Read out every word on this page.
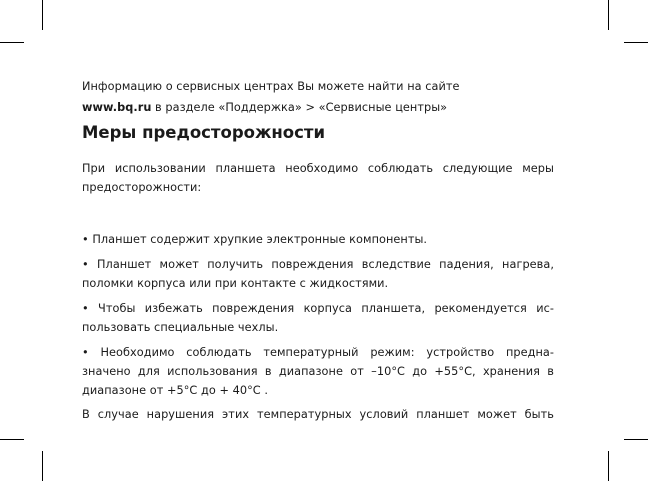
Информацию о сервисных центрах Вы можете найти на сайте
www.bq.ru в разделе «Поддержка» > «Сервисные центры»
Меры предосторожности
При использовании планшета необходимо соблюдать следующие меры
предосторожности:
• Планшет содержит хрупкие электронные компоненты.
• Планшет может получить повреждения вследствие падения, нагрева,
поломки корпуса или при контакте с жидкостями.
• Чтобы избежать повреждения корпуса планшета, рекомендуется ис-
пользовать специальные чехлы.
• Необходимо соблюдать температурный режим: устройство предна-
значено для использования в диапазоне от –10°С до +55°С, хранения в
диапазоне от +5°С до + 40°С .
В случае нарушения этих температурных условий планшет может быть
